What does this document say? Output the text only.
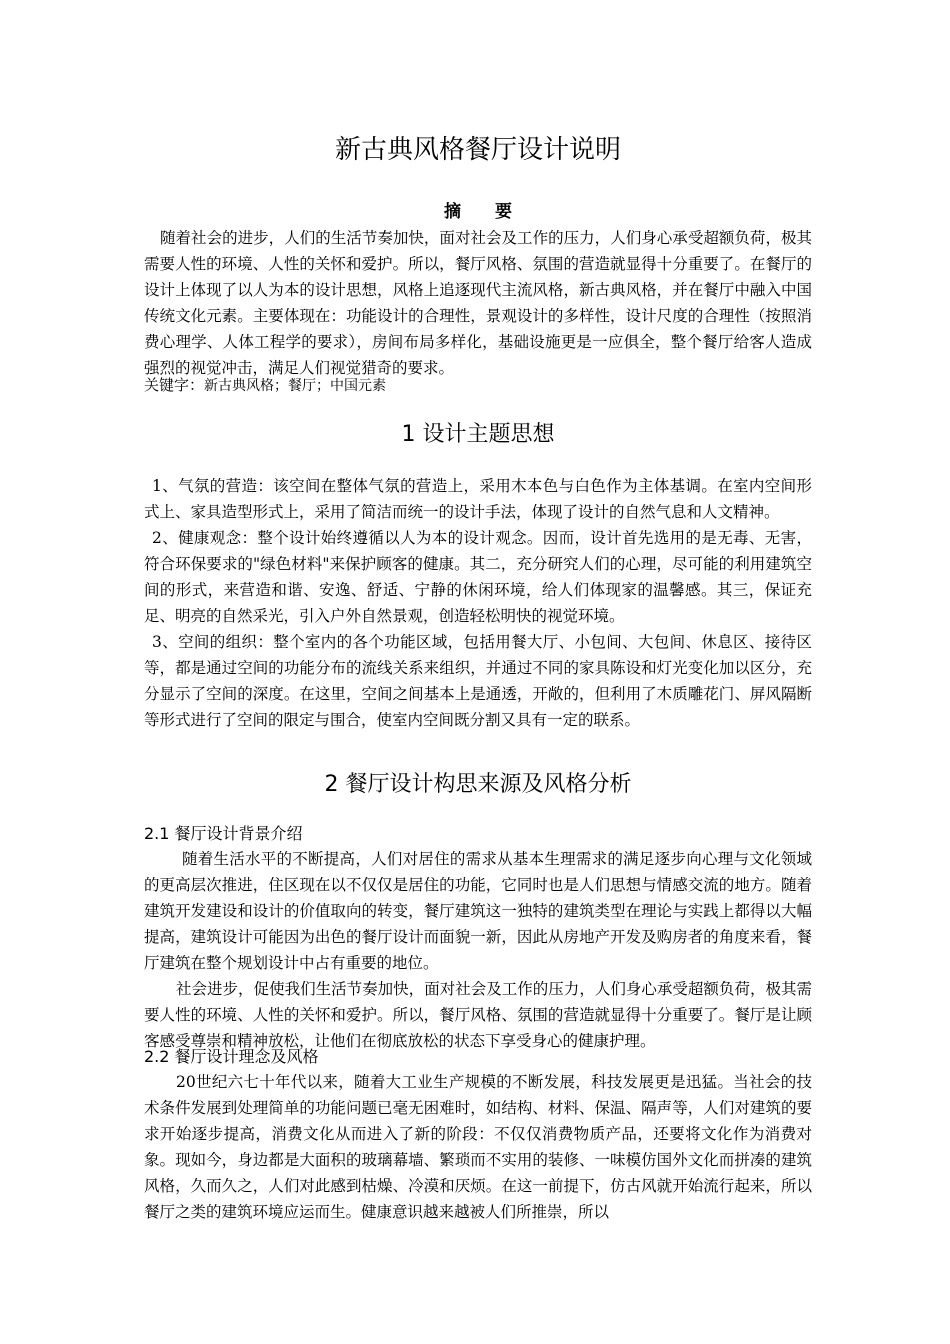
新古典风格餐厅设计说明
摘要

随着社会的进步，人们的生活节奏加快，面对社会及工作的压力，人们身心承受超额负荷，极其需要人性的环境、人性的关怀和爱护。所以，餐厅风格、氛围的营造就显得十分重要了。在餐厅的设计上体现了以人为本的设计思想，风格上追逐现代主流风格，新古典风格，并在餐厅中融入中国传统文化元素。主要体现在：功能设计的合理性，景观设计的多样性，设计尺度的合理性（按照消费心理学、人体工程学的要求），房间布局多样化，基础设施更是一应俱全，整个餐厅给客人造成强烈的视觉冲击，满足人们视觉猎奇的要求。

关键字：新古典风格；餐厅；中国元素
1 设计主题思想

1、气氛的营造：该空间在整体气氛的营造上，采用木本色与白色作为主体基调。在室内空间形式上、家具造型形式上，采用了简洁而统一的设计手法，体现了设计的自然气息和人文精神。

2、健康观念：整个设计始终遵循以人为本的设计观念。因而，设计首先选用的是无毒、无害，符合环保要求的"绿色材料"来保护顾客的健康。其二，充分研究人们的心理，尽可能的利用建筑空间的形式，来营造和谐、安逸、舒适、宁静的休闲环境，给人们体现家的温馨感。其三，保证充足、明亮的自然采光，引入户外自然景观，创造轻松明快的视觉环境。

3、空间的组织：整个室内的各个功能区域，包括用餐大厅、小包间、大包间、休息区、接待区等，都是通过空间的功能分布的流线关系来组织，并通过不同的家具陈设和灯光变化加以区分，充分显示了空间的深度。在这里，空间之间基本上是通透，开敞的，但利用了木质雕花门、屏风隔断等形式进行了空间的限定与围合，使室内空间既分割又具有一定的联系。

2 餐厅设计构思来源及风格分析
2.1 餐厅设计背景介绍

随着生活水平的不断提高，人们对居住的需求从基本生理需求的满足逐步向心理与文化领域的更高层次推进，住区现在以不仅仅是居住的功能，它同时也是人们思想与情感交流的地方。随着建筑开发建设和设计的价值取向的转变，餐厅建筑这一独特的建筑类型在理论与实践上都得以大幅提高，建筑设计可能因为出色的餐厅设计而面貌一新，因此从房地产开发及购房者的角度来看，餐厅建筑在整个规划设计中占有重要的地位。

社会进步，促使我们生活节奏加快，面对社会及工作的压力，人们身心承受超额负荷，极其需要人性的环境、人性的关怀和爱护。所以，餐厅风格、氛围的营造就显得十分重要了。餐厅是让顾客感受尊崇和精神放松，让他们在彻底放松的状态下享受身心的健康护理。

2.2 餐厅设计理念及风格

20世纪六七十年代以来，随着大工业生产规模的不断发展，科技发展更是迅猛。当社会的技术条件发展到处理简单的功能问题已毫无困难时，如结构、材料、保温、隔声等，人们对建筑的要求开始逐步提高，消费文化从而进入了新的阶段：不仅仅消费物质产品，还要将文化作为消费对象。现如今，身边都是大面积的玻璃幕墙、繁琐而不实用的装修、一味模仿国外文化而拼凑的建筑风格，久而久之，人们对此感到枯燥、冷漠和厌烦。在这一前提下，仿古风就开始流行起来，所以餐厅之类的建筑环境应运而生。健康意识越来越被人们所推崇，所以
